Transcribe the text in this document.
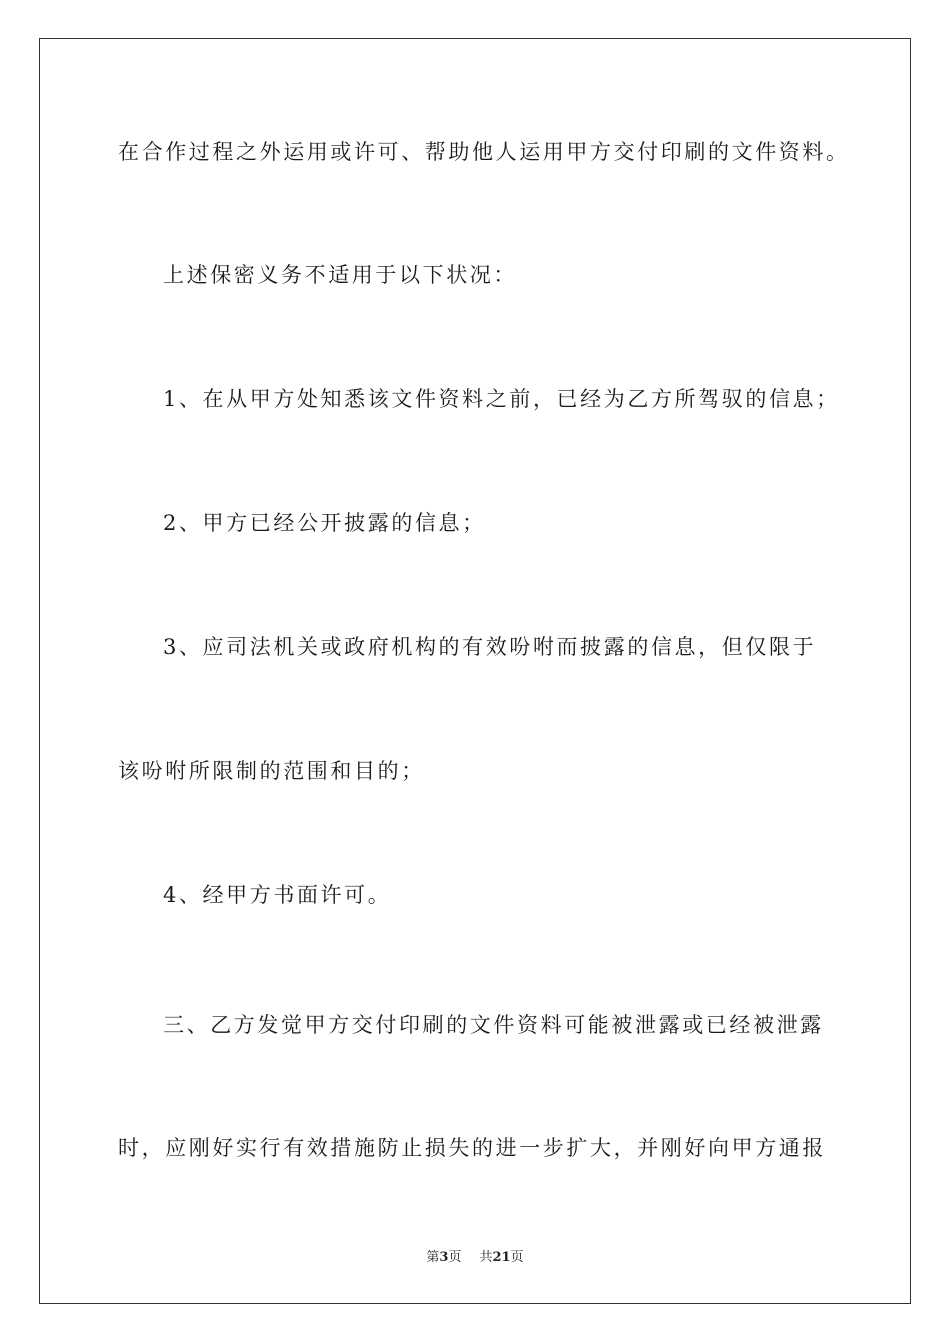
在合作过程之外运用或许可、帮助他人运用甲方交付印刷的文件资料。
上述保密义务不适用于以下状况：
1、在从甲方处知悉该文件资料之前，已经为乙方所驾驭的信息；
2、甲方已经公开披露的信息；
3、应司法机关或政府机构的有效吩咐而披露的信息，但仅限于
该吩咐所限制的范围和目的；
4、经甲方书面许可。
三、乙方发觉甲方交付印刷的文件资料可能被泄露或已经被泄露
时，应刚好实行有效措施防止损失的进一步扩大，并刚好向甲方通报
第3页 共21页
